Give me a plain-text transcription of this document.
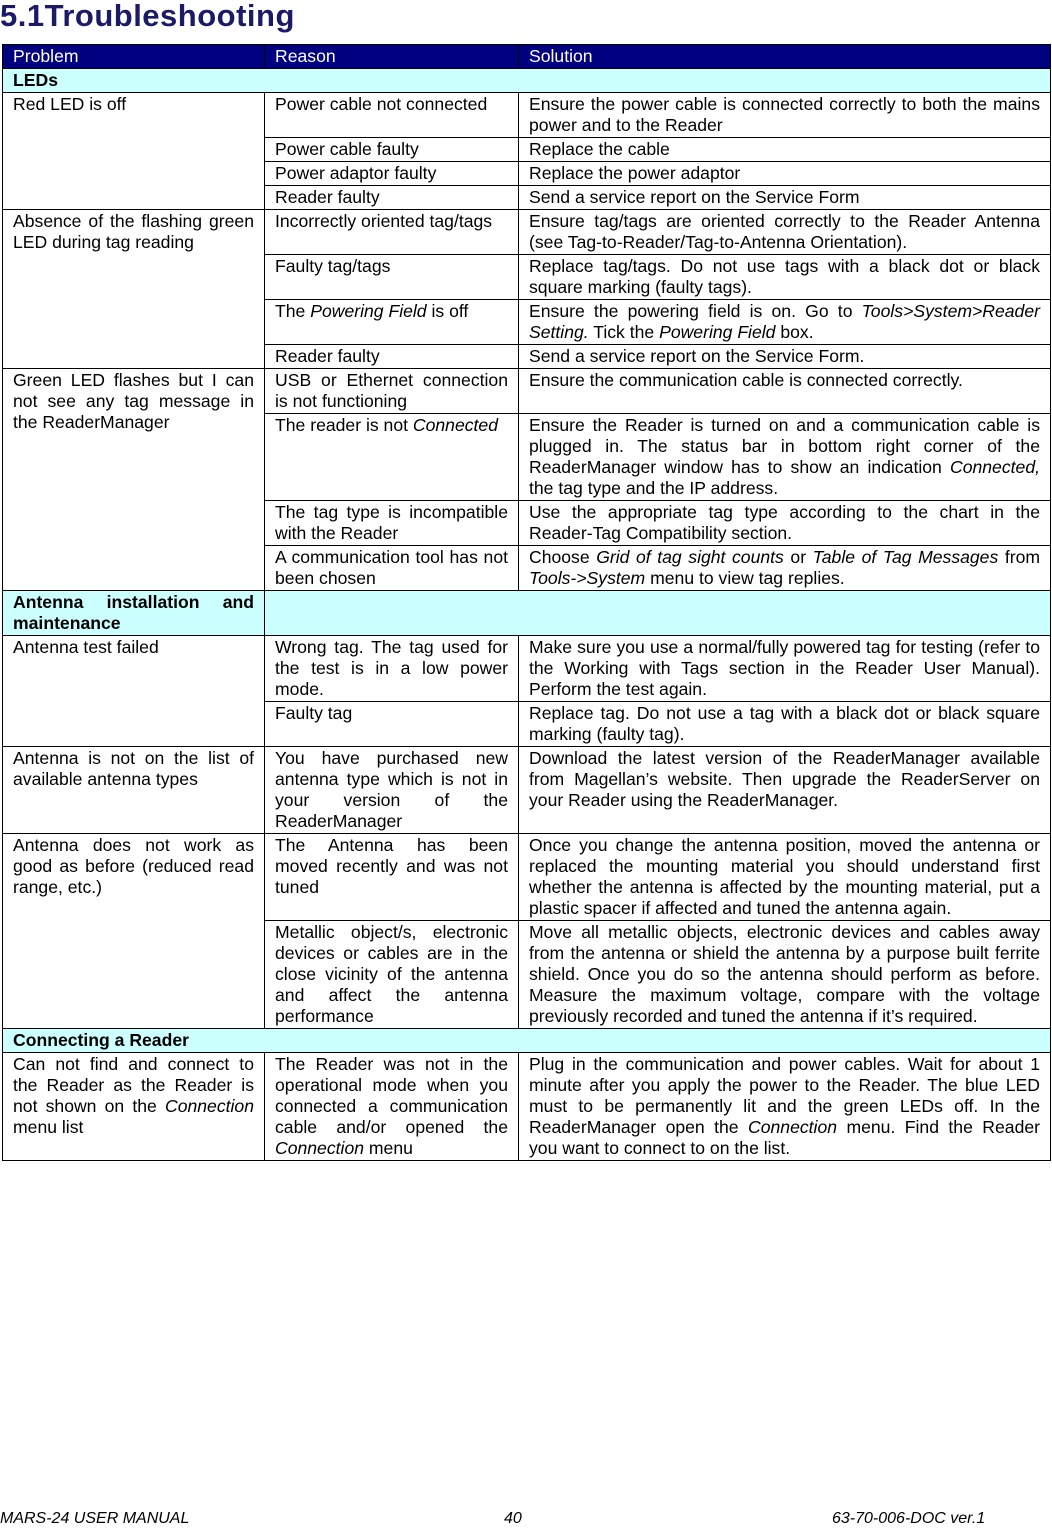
5.1Troubleshooting
Problem	Reason	Solution
LEDs		
Red LED is off	Power cable not connected	Ensure the power cable is connected correctly to both the mains power and to the Reader
	Power cable faulty	Replace the cable
	Power adaptor faulty	Replace the power adaptor
	Reader faulty	Send a service report on the Service Form
Absence of the flashing green LED during tag reading	Incorrectly oriented tag/tags	Ensure tag/tags are oriented correctly to the Reader Antenna (see Tag-to-Reader/Tag-to-Antenna Orientation).
	Faulty tag/tags	Replace tag/tags. Do not use tags with a black dot or black square marking (faulty tags).
	The Powering Field is off	Ensure the powering field is on. Go to Tools>System>Reader Setting. Tick the Powering Field box.
	Reader faulty	Send a service report on the Service Form.
Green LED flashes but I can not see any tag message in the ReaderManager	USB or Ethernet connection is not functioning	Ensure the communication cable is connected correctly.
	The reader is not Connected	Ensure the Reader is turned on and a communication cable is plugged in. The status bar in bottom right corner of the ReaderManager window has to show an indication Connected, the tag type and the IP address.
	The tag type is incompatible with the Reader	Use the appropriate tag type according to the chart in the Reader-Tag Compatibility section.
	A communication tool has not been chosen	Choose Grid of tag sight counts or Table of Tag Messages from Tools->System menu to view tag replies.
Antenna installation and maintenance		
Antenna test failed	Wrong tag. The tag used for the test is in a low power mode.	Make sure you use a normal/fully powered tag for testing (refer to the Working with Tags section in the Reader User Manual). Perform the test again.
	Faulty tag	Replace tag. Do not use a tag with a black dot or black square marking (faulty tag).
Antenna is not on the list of available antenna types	You have purchased new antenna type which is not in your version of the ReaderManager	Download the latest version of the ReaderManager available from Magellan’s website. Then upgrade the ReaderServer on your Reader using the ReaderManager.
Antenna does not work as good as before (reduced read range, etc.)	The Antenna has been moved recently and was not tuned	Once you change the antenna position, moved the antenna or replaced the mounting material you should understand first whether the antenna is affected by the mounting material, put a plastic spacer if affected and tuned the antenna again.
	Metallic object/s, electronic devices or cables are in the close vicinity of the antenna and affect the antenna performance	Move all metallic objects, electronic devices and cables away from the antenna or shield the antenna by a purpose built ferrite shield. Once you do so the antenna should perform as before. Measure the maximum voltage, compare with the voltage previously recorded and tuned the antenna if it’s required.
Connecting a Reader		
Can not find and connect to the Reader as the Reader is not shown on the Connection menu list	The Reader was not in the operational mode when you connected a communication cable and/or opened the Connection menu	Plug in the communication and power cables. Wait for about 1 minute after you apply the power to the Reader. The blue LED must to be permanently lit and the green LEDs off. In the ReaderManager open the Connection menu. Find the Reader you want to connect to on the list.
MARS-24 USER MANUAL	40	63-70-006-DOC ver.1
